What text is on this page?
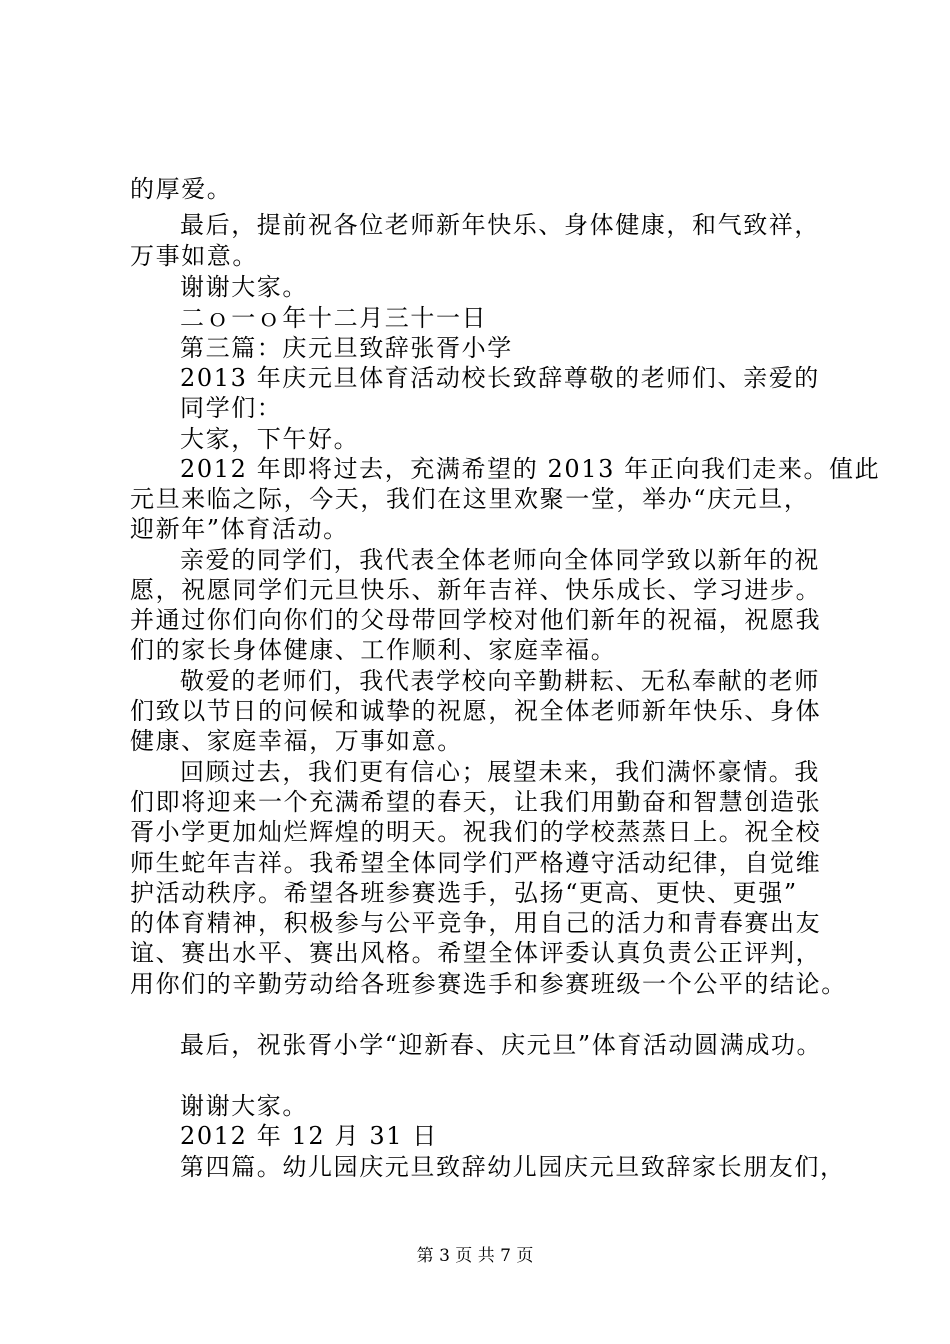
的厚爱。
最后，提前祝各位老师新年快乐、身体健康，和气致祥，
万事如意。
谢谢大家。
二ｏ一ｏ年十二月三十一日
第三篇：庆元旦致辞张胥小学
2013 年庆元旦体育活动校长致辞尊敬的老师们、亲爱的
同学们：
大家，下午好。
2012 年即将过去，充满希望的 2013 年正向我们走来。值此
元旦来临之际，今天，我们在这里欢聚一堂，举办“庆元旦，
迎新年”体育活动。
亲爱的同学们，我代表全体老师向全体同学致以新年的祝
愿，祝愿同学们元旦快乐、新年吉祥、快乐成长、学习进步。
并通过你们向你们的父母带回学校对他们新年的祝福，祝愿我
们的家长身体健康、工作顺利、家庭幸福。
敬爱的老师们，我代表学校向辛勤耕耘、无私奉献的老师
们致以节日的问候和诚挚的祝愿，祝全体老师新年快乐、身体
健康、家庭幸福，万事如意。
回顾过去，我们更有信心；展望未来，我们满怀豪情。我
们即将迎来一个充满希望的春天，让我们用勤奋和智慧创造张
胥小学更加灿烂辉煌的明天。祝我们的学校蒸蒸日上。祝全校
师生蛇年吉祥。我希望全体同学们严格遵守活动纪律，自觉维
护活动秩序。希望各班参赛选手，弘扬“更高、更快、更强”
的体育精神，积极参与公平竞争，用自己的活力和青春赛出友
谊、赛出水平、赛出风格。希望全体评委认真负责公正评判，
用你们的辛勤劳动给各班参赛选手和参赛班级一个公平的结论。
最后，祝张胥小学“迎新春、庆元旦”体育活动圆满成功。
谢谢大家。
2012 年 12 月 31 日
第四篇。幼儿园庆元旦致辞幼儿园庆元旦致辞家长朋友们，
第 3 页 共 7 页
